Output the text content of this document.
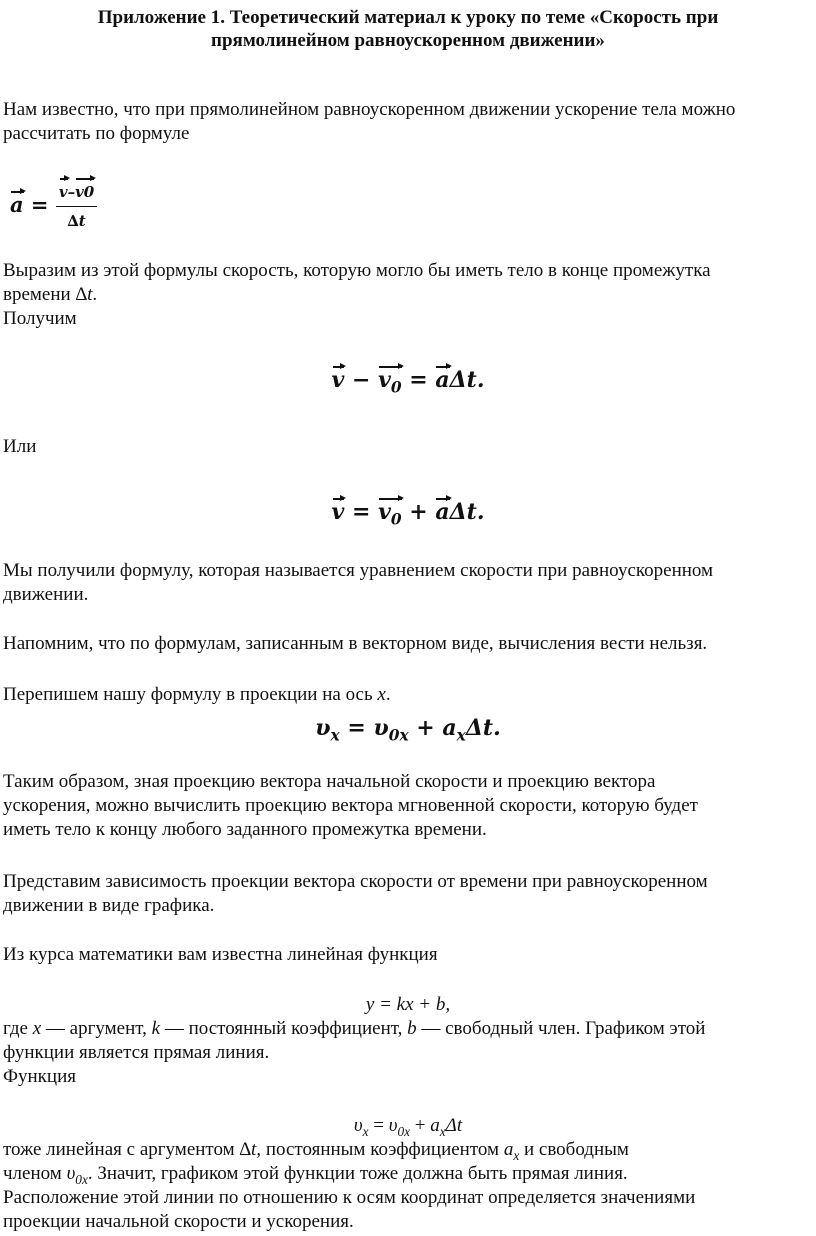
Приложение 1. Теоретический материал к уроку по теме «Скорость при
прямолинейном равноускоренном движении»
Нам известно, что при прямолинейном равноускоренном движении ускорение тела можно
рассчитать по формуле
$a = \frac{v-v0}{\Delta t}$
Выразим из этой формулы скорость, которую могло бы иметь тело в конце промежутка
времени ∆t.
Получим
$v - v_0 = a\Delta t$.
Или
$v = v_0 + a\Delta t$.
Мы получили формулу, которая называется уравнением скорости при равноускоренном
движении.
Напомним, что по формулам, записанным в векторном виде, вычисления вести нельзя.
Перепишем нашу формулу в проекции на ось x.
$\upsilon_x = \upsilon_{0x} + a_x\Delta t$.
Таким образом, зная проекцию вектора начальной скорости и проекцию вектора
ускорения, можно вычислить проекцию вектора мгновенной скорости, которую будет
иметь тело к концу любого заданного промежутка времени.
Представим зависимость проекции вектора скорости от времени при равноускоренном
движении в виде графика.
Из курса математики вам известна линейная функция
y = kx + b,
где x — аргумент, k — постоянный коэффициент, b — свободный член. Графиком этой
функции является прямая линия.
Функция
$\upsilon_x = \upsilon_{0x} + a_x\Delta t$
тоже линейная с аргументом ∆t, постоянным коэффициентом $a_x$ и свободным
членом $\upsilon_{0x}$. Значит, графиком этой функции тоже должна быть прямая линия.
Расположение этой линии по отношению к осям координат определяется значениями
проекции начальной скорости и ускорения.
